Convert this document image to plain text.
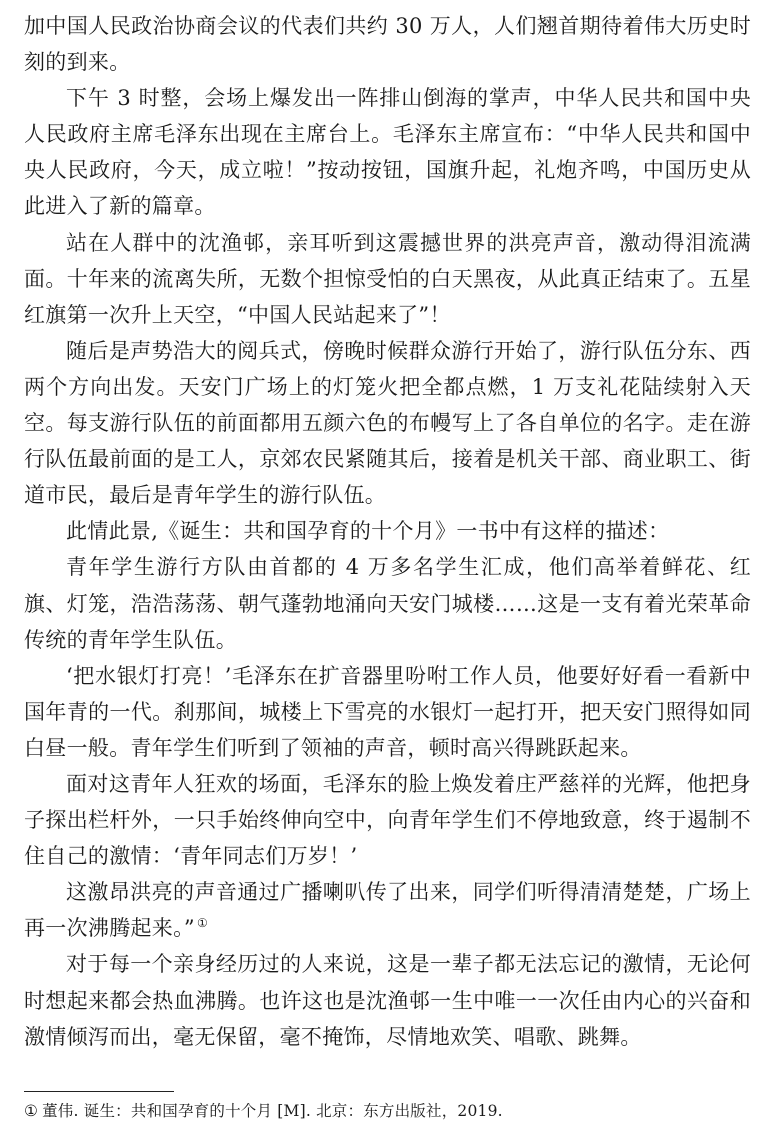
加中国人民政治协商会议的代表们共约 30 万人，人们翘首期待着伟大历史时刻的到来。

下午 3 时整，会场上爆发出一阵排山倒海的掌声，中华人民共和国中央人民政府主席毛泽东出现在主席台上。毛泽东主席宣布：“中华人民共和国中央人民政府，今天，成立啦！”按动按钮，国旗升起，礼炮齐鸣，中国历史从此进入了新的篇章。

站在人群中的沈渔邨，亲耳听到这震撼世界的洪亮声音，激动得泪流满面。十年来的流离失所，无数个担惊受怕的白天黑夜，从此真正结束了。五星红旗第一次升上天空，“中国人民站起来了”！

随后是声势浩大的阅兵式，傍晚时候群众游行开始了，游行队伍分东、西两个方向出发。天安门广场上的灯笼火把全都点燃，1 万支礼花陆续射入天空。每支游行队伍的前面都用五颜六色的布幔写上了各自单位的名字。走在游行队伍最前面的是工人，京郊农民紧随其后，接着是机关干部、商业职工、街道市民，最后是青年学生的游行队伍。

此情此景,《诞生：共和国孕育的十个月》一书中有这样的描述：

青年学生游行方队由首都的 4 万多名学生汇成，他们高举着鲜花、红旗、灯笼，浩浩荡荡、朝气蓬勃地涌向天安门城楼……这是一支有着光荣革命传统的青年学生队伍。

‘把水银灯打亮！’毛泽东在扩音器里吩咐工作人员，他要好好看一看新中国年青的一代。刹那间，城楼上下雪亮的水银灯一起打开，把天安门照得如同白昼一般。青年学生们听到了领袖的声音，顿时高兴得跳跃起来。

面对这青年人狂欢的场面，毛泽东的脸上焕发着庄严慈祥的光辉，他把身子探出栏杆外，一只手始终伸向空中，向青年学生们不停地致意，终于遏制不住自己的激情：‘青年同志们万岁！’

这激昂洪亮的声音通过广播喇叭传了出来，同学们听得清清楚楚，广场上再一次沸腾起来。” ①

对于每一个亲身经历过的人来说，这是一辈子都无法忘记的激情，无论何时想起来都会热血沸腾。也许这也是沈渔邨一生中唯一一次任由内心的兴奋和激情倾泻而出，毫无保留，毫不掩饰，尽情地欢笑、唱歌、跳舞。

① 董伟. 诞生：共和国孕育的十个月 [M]. 北京：东方出版社，2019.
